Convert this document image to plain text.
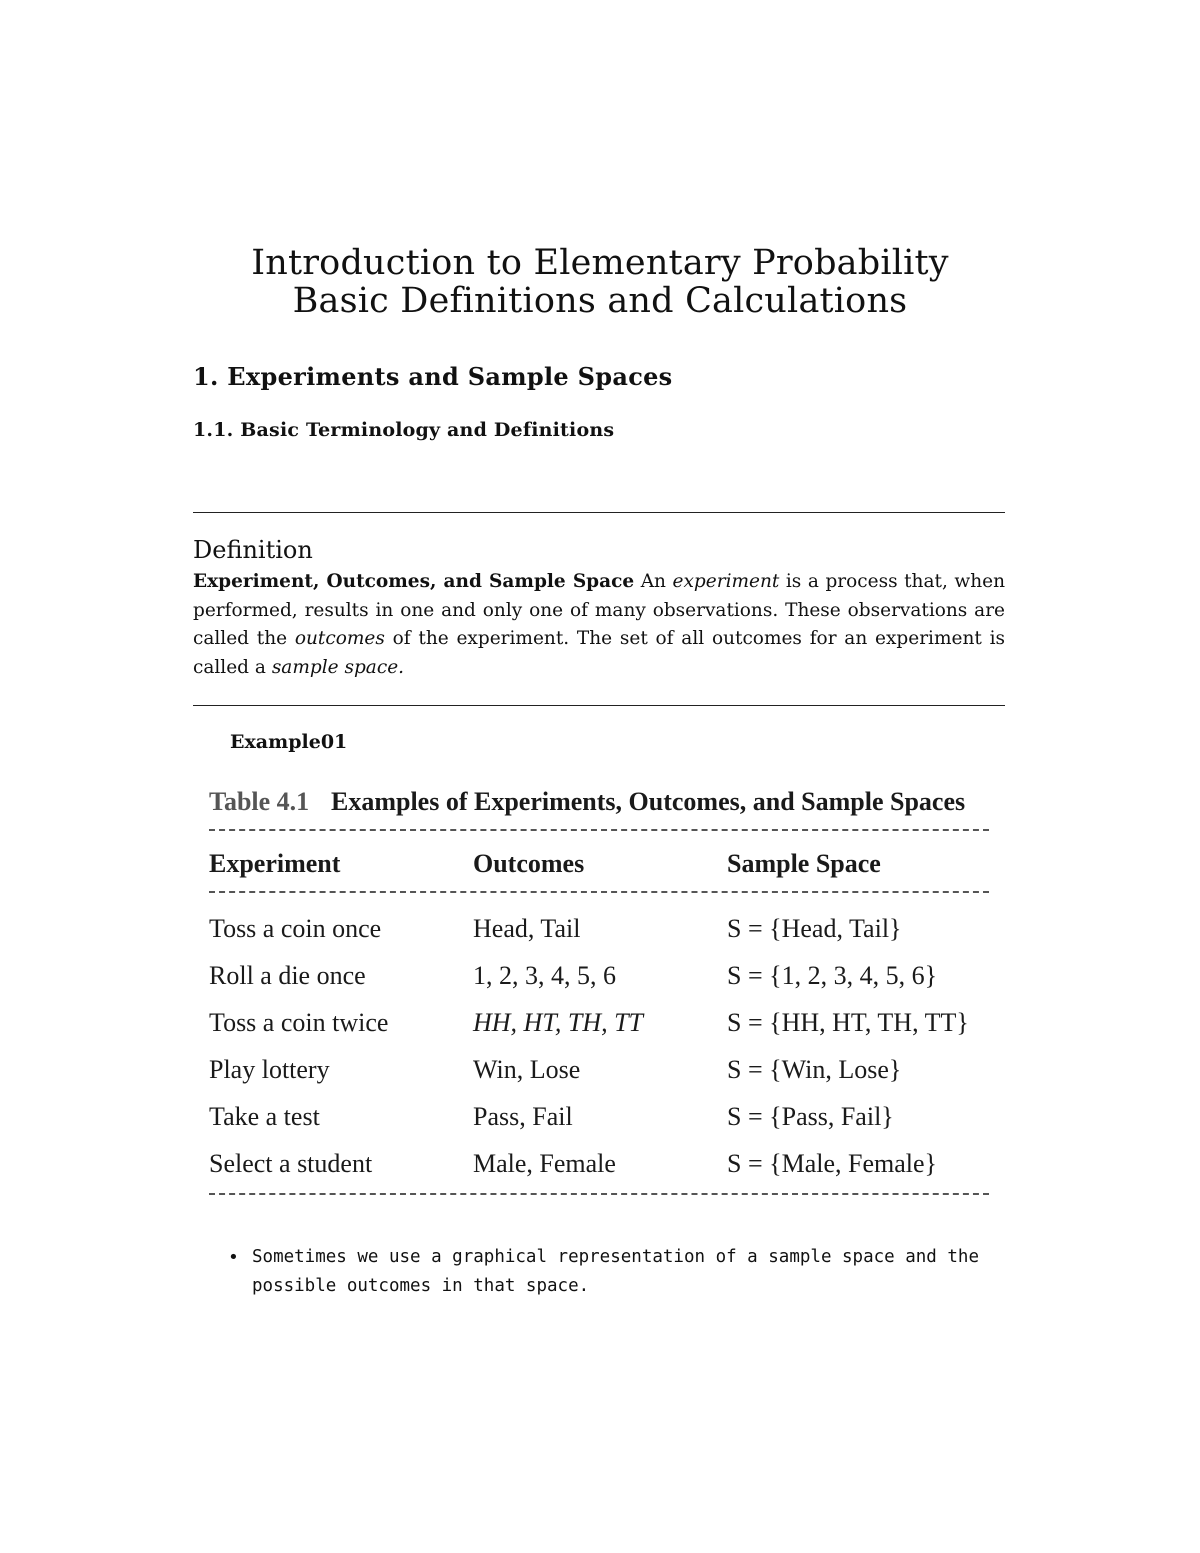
Introduction to Elementary Probability
Basic Definitions and Calculations
1. Experiments and Sample Spaces
1.1. Basic Terminology and Definitions
Definition
Experiment, Outcomes, and Sample Space An experiment is a process that, when performed, results in one and only one of many observations. These observations are called the outcomes of the experiment. The set of all outcomes for an experiment is called a sample space.
Example01
Table 4.1 Examples of Experiments, Outcomes, and Sample Spaces
Experiment	Outcomes	Sample Space
Toss a coin once	Head, Tail	S = {Head, Tail}
Roll a die once	1, 2, 3, 4, 5, 6	S = {1, 2, 3, 4, 5, 6}
Toss a coin twice	HH, HT, TH, TT	S = {HH, HT, TH, TT}
Play lottery	Win, Lose	S = {Win, Lose}
Take a test	Pass, Fail	S = {Pass, Fail}
Select a student	Male, Female	S = {Male, Female}
• Sometimes we use a graphical representation of a sample space and the possible outcomes in that space.
